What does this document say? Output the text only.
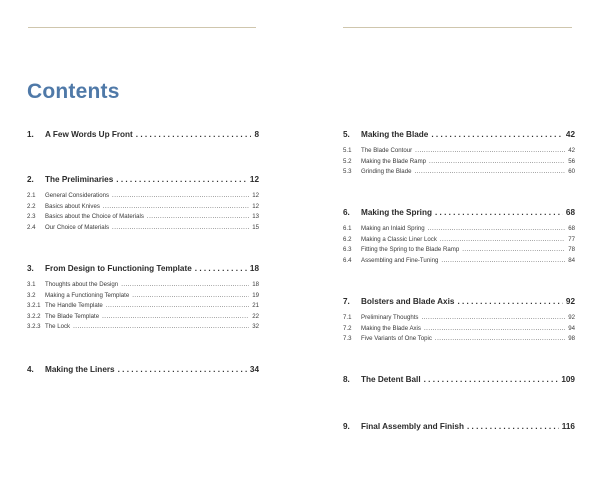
Contents
1.	A Few Words Up Front . . .	8
2.	The Preliminaries . . .	12
2.1	General Considerations . . .	12
2.2	Basics about Knives . . .	12
2.3	Basics about the Choice of Materials . . .	13
2.4	Our Choice of Materials . . .	15
3.	From Design to Functioning Template . . .	18
3.1	Thoughts about the Design . . .	18
3.2	Making a Functioning Template . . .	19
3.2.1 The Handle Template . . .	21
3.2.2 The Blade Template . . .	22
3.2.3 The Lock . . .	32
4.	Making the Liners . . .	34
5.	Making the Blade . . .	42
5.1	The Blade Contour . . .	42
5.2	Making the Blade Ramp . . .	56
5.3	Grinding the Blade . . .	60
6.	Making the Spring . . .	68
6.1	Making an Inlaid Spring . . .	68
6.2	Making a Classic Liner Lock . . .	77
6.3	Fitting the Spring to the Blade Ramp . . .	78
6.4	Assembling and Fine-Tuning . . .	84
7.	Bolsters and Blade Axis . . .	92
7.1	Preliminary Thoughts . . .	92
7.2	Making the Blade Axis . . .	94
7.3	Five Variants of One Topic . . .	98
8.	The Detent Ball . . .	109
9.	Final Assembly and Finish . . .	116
